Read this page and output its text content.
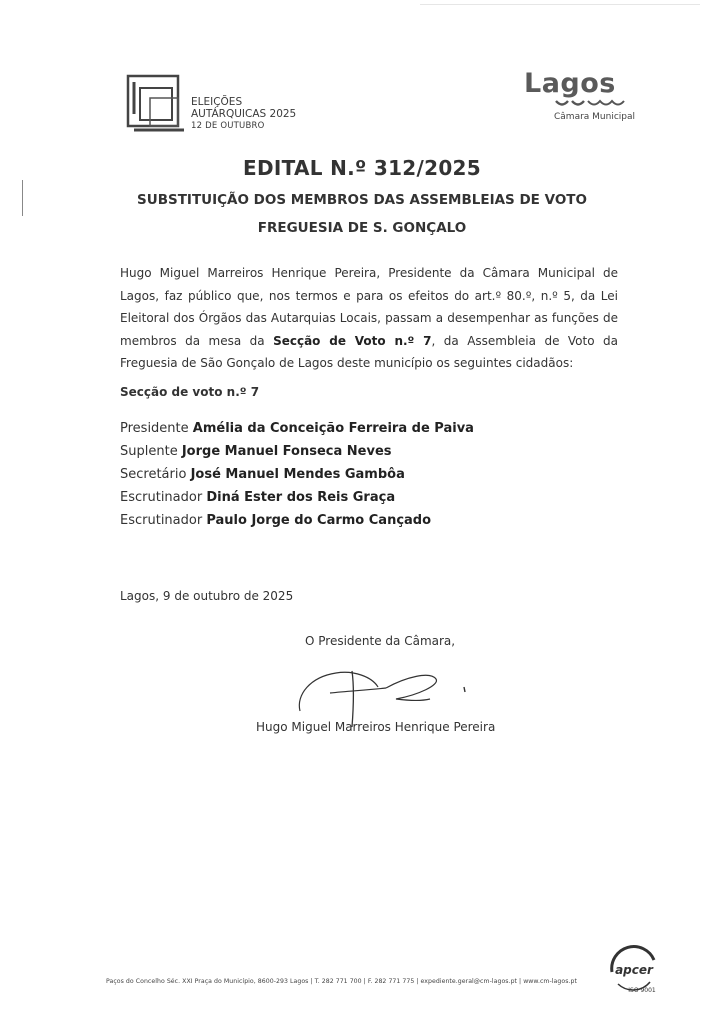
ELEIÇÕES
AUTÁRQUICAS 2025
12 DE OUTUBRO
Lagos
Câmara Municipal
EDITAL N.º 312/2025
SUBSTITUIÇÃO DOS MEMBROS DAS ASSEMBLEIAS DE VOTO
FREGUESIA DE S. GONÇALO
Hugo Miguel Marreiros Henrique Pereira, Presidente da Câmara Municipal de Lagos, faz público que, nos termos e para os efeitos do art.º 80.º, n.º 5, da Lei Eleitoral dos Órgãos das Autarquias Locais, passam a desempenhar as funções de membros da mesa da Secção de Voto n.º 7, da Assembleia de Voto da Freguesia de São Gonçalo de Lagos deste município os seguintes cidadãos:
Secção de voto n.º 7
Presidente Amélia da Conceição Ferreira de Paiva
Suplente Jorge Manuel Fonseca Neves
Secretário José Manuel Mendes Gambôa
Escrutinador Diná Ester dos Reis Graça
Escrutinador Paulo Jorge do Carmo Cançado
Lagos, 9 de outubro de 2025
O Presidente da Câmara,
Hugo Miguel Marreiros Henrique Pereira
Paços do Concelho Séc. XXI Praça do Município, 8600-293 Lagos | T. 282 771 700 | F. 282 771 775 | expediente.geral@cm-lagos.pt | www.cm-lagos.pt
apcer
ISO 9001
